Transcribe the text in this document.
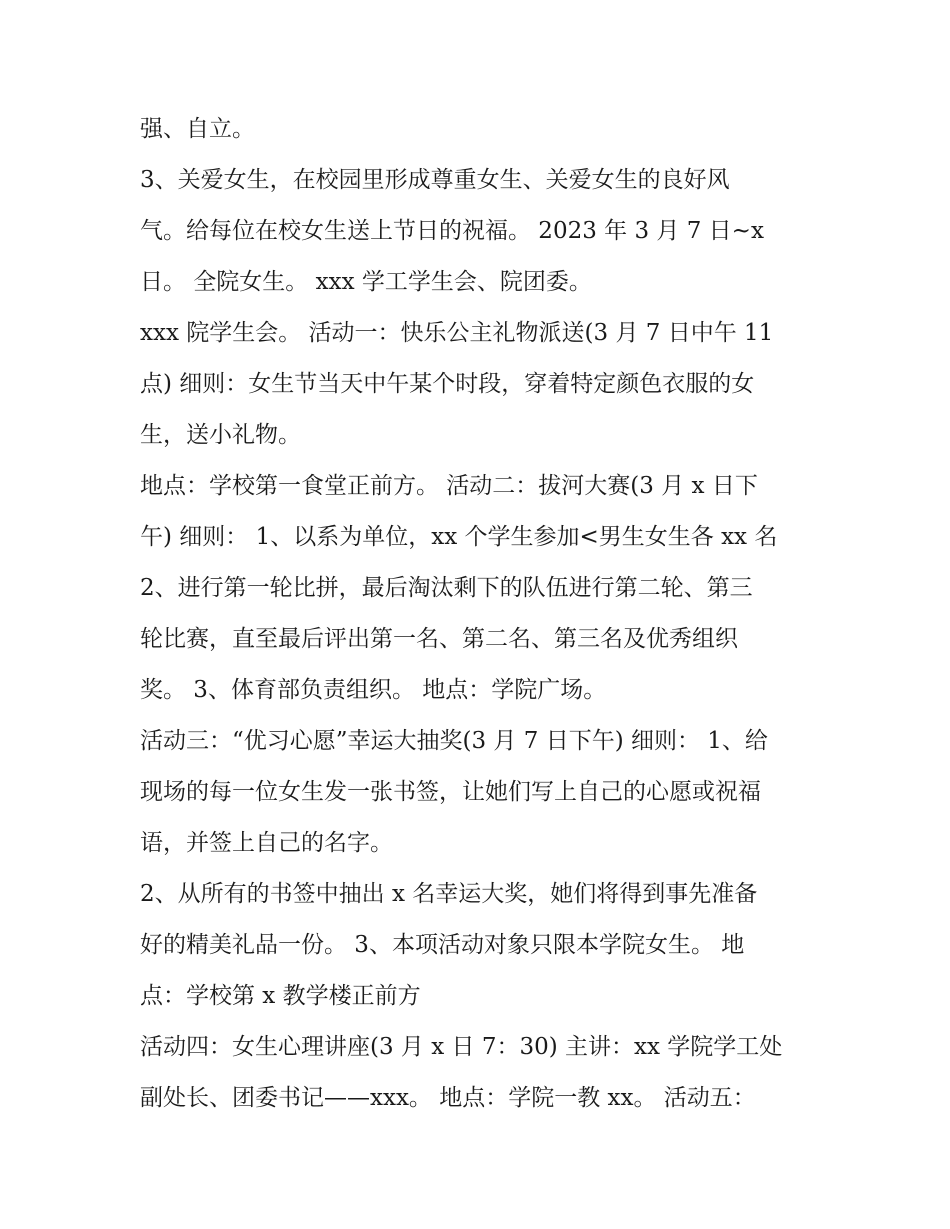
强、自立。

3、关爱女生，在校园里形成尊重女生、关爱女生的良好风
气。给每位在校女生送上节日的祝福。 2023 年 3 月 7 日~x
日。 全院女生。 xxx 学工学生会、院团委。

xxx 院学生会。 活动一：快乐公主礼物派送(3 月 7 日中午 11
点) 细则：女生节当天中午某个时段，穿着特定颜色衣服的女
生，送小礼物。

地点：学校第一食堂正前方。 活动二：拔河大赛(3 月 x 日下
午) 细则： 1、以系为单位，xx 个学生参加<男生女生各 xx 名
2、进行第一轮比拼，最后淘汰剩下的队伍进行第二轮、第三
轮比赛，直至最后评出第一名、第二名、第三名及优秀组织
奖。 3、体育部负责组织。 地点：学院广场。

活动三：“优习心愿”幸运大抽奖(3 月 7 日下午) 细则： 1、给
现场的每一位女生发一张书签，让她们写上自己的心愿或祝福
语，并签上自己的名字。

2、从所有的书签中抽出 x 名幸运大奖，她们将得到事先准备
好的精美礼品一份。 3、本项活动对象只限本学院女生。 地
点：学校第 x 教学楼正前方

活动四：女生心理讲座(3 月 x 日 7：30) 主讲：xx 学院学工处
副处长、团委书记——xxx。 地点：学院一教 xx。 活动五：
